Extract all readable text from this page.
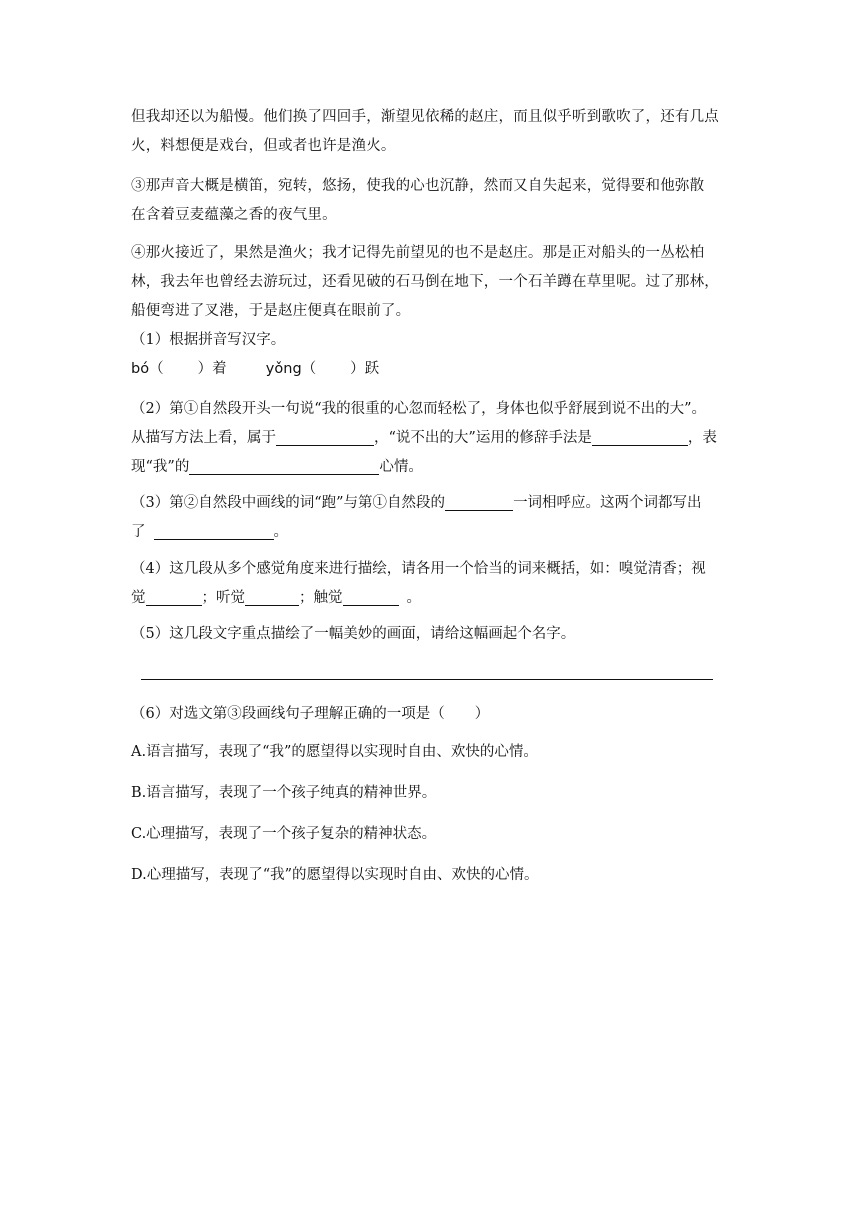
但我却还以为船慢。他们换了四回手，渐望见依稀的赵庄，而且似乎听到歌吹了，还有几点
火，料想便是戏台，但或者也许是渔火。

③那声音大概是横笛，宛转，悠扬，使我的心也沉静，然而又自失起来，觉得要和他弥散
在含着豆麦蕴藻之香的夜气里。

④那火接近了，果然是渔火；我才记得先前望见的也不是赵庄。那是正对船头的一丛松柏
林，我去年也曾经去游玩过，还看见破的石马倒在地下，一个石羊蹲在草里呢。过了那林，
船便弯进了叉港，于是赵庄便真在眼前了。

（1）根据拼音写汉字。
bó（ ）着	yǒng（ ）跃

（2）第①自然段开头一句说“我的很重的心忽而轻松了，身体也似乎舒展到说不出的大”。
从描写方法上看，属于	，“说不出的大”运用的修辞手法是	，表
现“我”的	心情。

（3）第②自然段中画线的词“跑”与第①自然段的	一词相呼应。这两个词都写出
了	。

（4）这几段从多个感觉角度来进行描绘，请各用一个恰当的词来概括，如：嗅觉清香；视
觉	；听觉	；触觉	。

（5）这几段文字重点描绘了一幅美妙的画面，请给这幅画起个名字。

（6）对选文第③段画线句子理解正确的一项是（ ）

A.语言描写，表现了“我”的愿望得以实现时自由、欢快的心情。

B.语言描写，表现了一个孩子纯真的精神世界。

C.心理描写，表现了一个孩子复杂的精神状态。

D.心理描写，表现了“我”的愿望得以实现时自由、欢快的心情。
